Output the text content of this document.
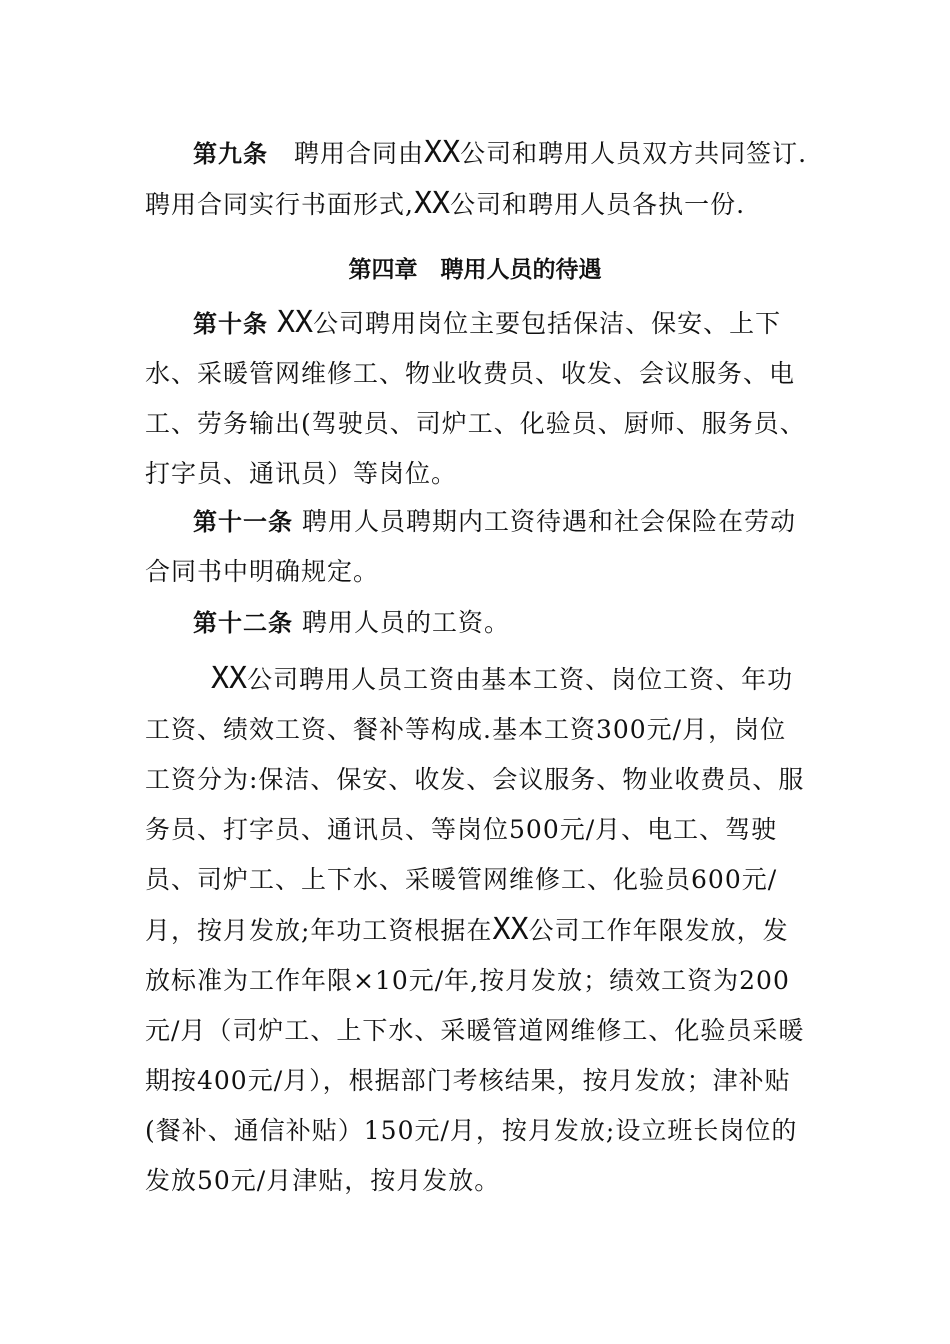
第九条 聘用合同由XX公司和聘用人员双方共同签订.聘用合同实行书面形式,XX公司和聘用人员各执一份.

第四章　聘用人员的待遇

第十条 XX公司聘用岗位主要包括保洁、保安、上下水、采暖管网维修工、物业收费员、收发、会议服务、电工、劳务输出(驾驶员、司炉工、化验员、厨师、服务员、打字员、通讯员）等岗位。

第十一条 聘用人员聘期内工资待遇和社会保险在劳动合同书中明确规定。

第十二条 聘用人员的工资。

XX公司聘用人员工资由基本工资、岗位工资、年功工资、绩效工资、餐补等构成.基本工资300元/月，岗位工资分为:保洁、保安、收发、会议服务、物业收费员、服务员、打字员、通讯员、等岗位500元/月、电工、驾驶员、司炉工、上下水、采暖管网维修工、化验员600元/月，按月发放;年功工资根据在XX公司工作年限发放，发放标准为工作年限×10元/年,按月发放；绩效工资为200元/月（司炉工、上下水、采暖管道网维修工、化验员采暖期按400元/月），根据部门考核结果，按月发放；津补贴(餐补、通信补贴）150元/月，按月发放;设立班长岗位的发放50元/月津贴，按月发放。
